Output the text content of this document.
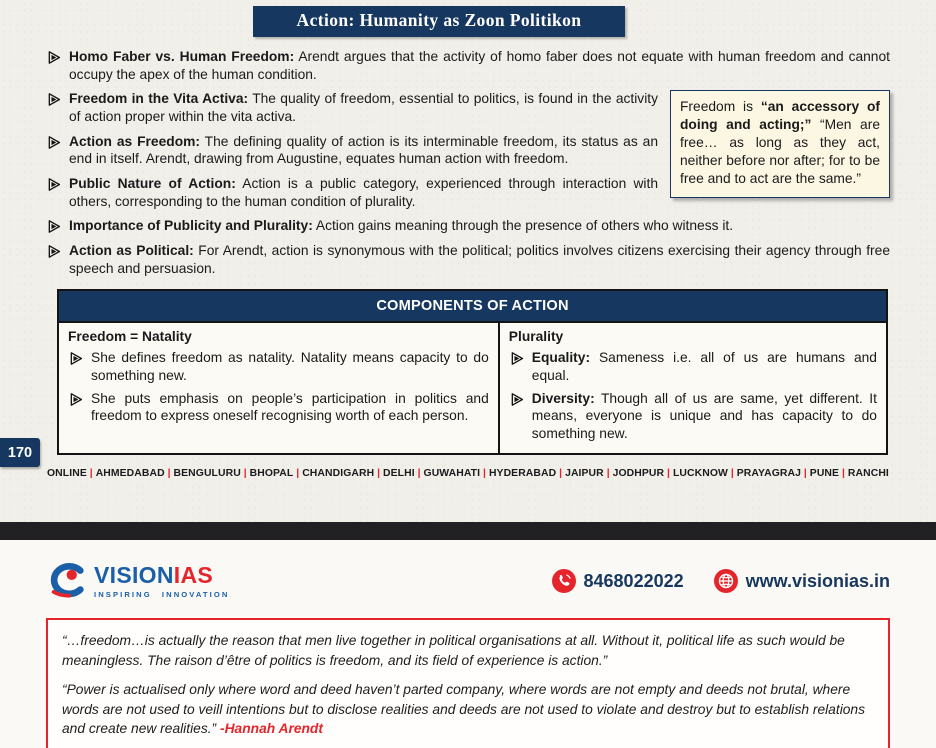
Action: Humanity as Zoon Politikon

Homo Faber vs. Human Freedom: Arendt argues that the activity of homo faber does not equate with human freedom and cannot occupy the apex of the human condition.

Freedom in the Vita Activa: The quality of freedom, essential to politics, is found in the activity of action proper within the vita activa.

Action as Freedom: The defining quality of action is its interminable freedom, its status as an end in itself. Arendt, drawing from Augustine, equates human action with freedom.

Public Nature of Action: Action is a public category, experienced through interaction with others, corresponding to the human condition of plurality.

Freedom is “an accessory of doing and acting;” “Men are free… as long as they act, neither before nor after; for to be free and to act are the same.”

Importance of Publicity and Plurality: Action gains meaning through the presence of others who witness it.

Action as Political: For Arendt, action is synonymous with the political; politics involves citizens exercising their agency through free speech and persuasion.

COMPONENTS OF ACTION
Freedom = Natality

She defines freedom as natality. Natality means capacity to do something new.

She puts emphasis on people’s participation in politics and freedom to express oneself recognising worth of each person.

Plurality

Equality: Sameness i.e. all of us are humans and equal.

Diversity: Though all of us are same, yet different. It means, everyone is unique and has capacity to do something new.

ONLINE | AHMEDABAD | BENGULURU | BHOPAL | CHANDIGARH | DELHI | GUWAHATI | HYDERABAD | JAIPUR | JODHPUR | LUCKNOW | PRAYAGRAJ | PUNE | RANCHI
VISIONIAS
INSPIRING INNOVATION
8468022022	www.visionias.in

“…freedom…is actually the reason that men live together in political organisations at all. Without it, political life as such would be meaningless. The raison d’être of politics is freedom, and its field of experience is action.”

“Power is actualised only where word and deed haven’t parted company, where words are not empty and deeds not brutal, where words are not used to veill intentions but to disclose realities and deeds are not used to violate and destroy but to establish relations and create new realities.” -Hannah Arendt

170
